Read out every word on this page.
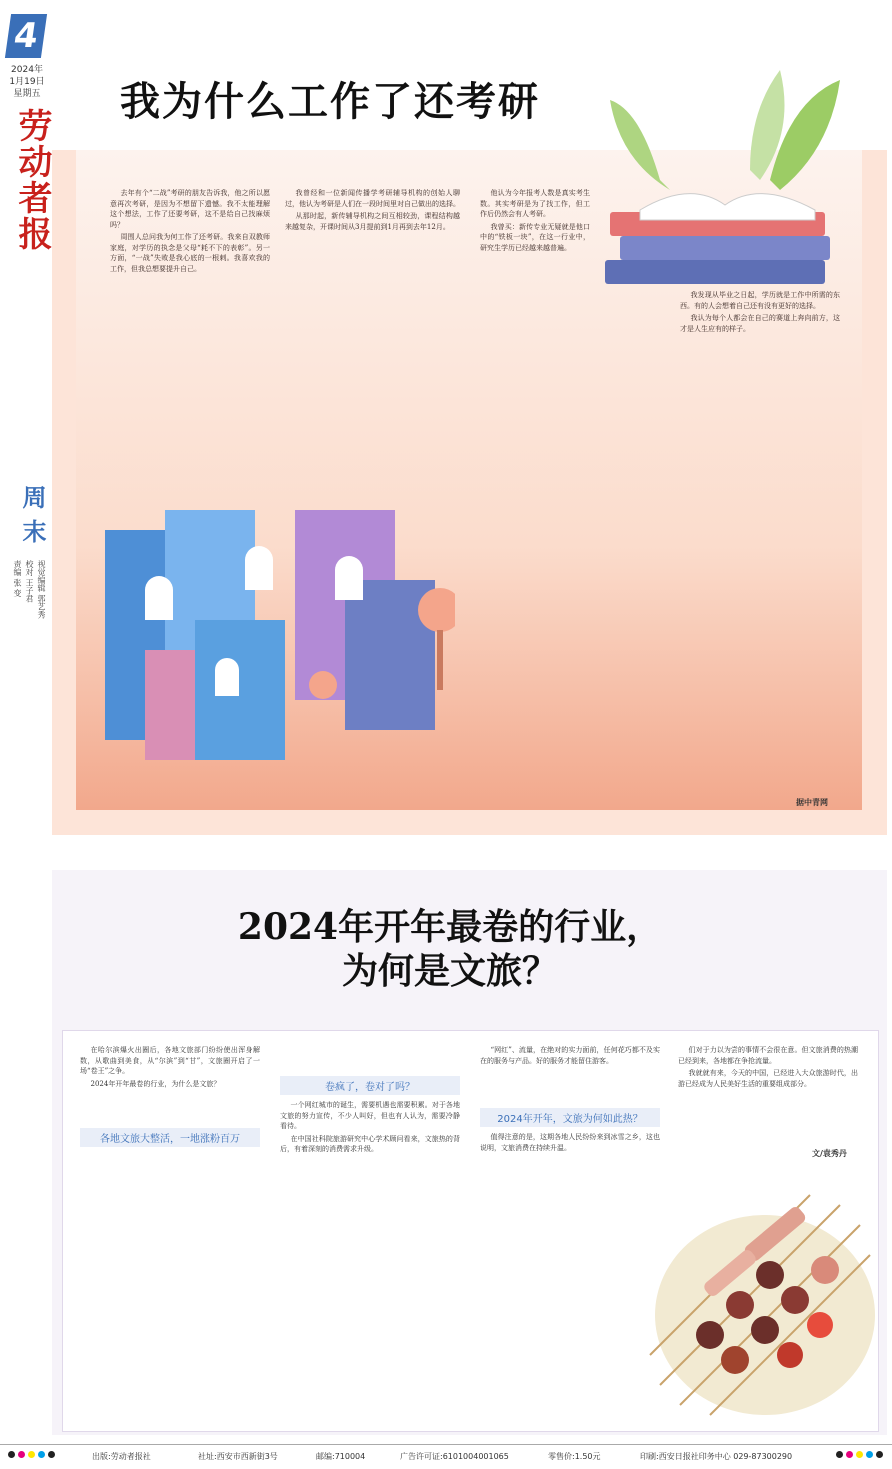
4
2024年
1月19日
星期五
劳动者报
周末
视觉编辑 郭艺秀
校对 王子君
责编 张 变
我为什么工作了还考研

去年有个“二战”考研的朋友告诉我，他之所以愿意再次考研，是因为不想留下遗憾。我不太能理解这个想法，工作了还要考研，这不是给自己找麻烦吗？

周围人总问我为何工作了还考研。我来自双教师家庭，对学历的执念是父母“耗不下的表彰”。另一方面，“一战”失败是我心底的一根刺。我喜欢我的工作，但我总想要提升自己。

我曾经和一位新闻传播学考研辅导机构的创始人聊过，他认为考研是人们在一段时间里对自己做出的选择。

从那时起，新传辅导机构之间互相较劲，课程结构越来越复杂，开课时间从3月提前到1月再到去年12月。

他认为今年报考人数是真实考生数。其实考研是为了找工作，但工作后仍然会有人考研。

我曾买：新传专业无疑就是他口中的“铁板一块”，在这一行业中，研究生学历已经越来越普遍。

我发现从毕业之日起，学历就是工作中所需的东西。有的人会想着自己还有没有更好的选择。

我认为每个人都会在自己的赛道上奔向前方，这才是人生应有的样子。

据中青网
2024年开年最卷的行业，
为何是文旅？

在哈尔滨爆火出圈后，各地文旅部门纷纷使出浑身解数，从歌曲到美食，从“尔滨”到“甘”，文旅圈开启了一场“卷王”之争。

2024年开年最卷的行业，为什么是文旅？

各地文旅大整活，一地涨粉百万
卷疯了，卷对了吗？

一个网红城市的诞生，需要机遇也需要积累。对于各地文旅的努力宣传，不少人叫好，但也有人认为，需要冷静看待。

在中国社科院旅游研究中心学术顾问看来，文旅热的背后，有着深刻的消费需求升级。

“网红”、流量，在绝对的实力面前，任何花巧都不及实在的服务与产品。好的服务才能留住游客。

2024年开年，文旅为何如此热？

值得注意的是，这期各地人民纷纷来到冰雪之乡，这也说明，文旅消费在持续升温。

们对于力以为尝的事情不会很在意。但文旅消费的热潮已经到来，各地都在争抢流量。

我就就有来，今天的中国，已经进入大众旅游时代，出游已经成为人民美好生活的重要组成部分。

文/袁秀丹
出版:劳动者报社	社址:西安市西新街3号	邮编:710004	广告许可证:6101004001065	零售价:1.50元	印刷:西安日报社印务中心 029-87300290
